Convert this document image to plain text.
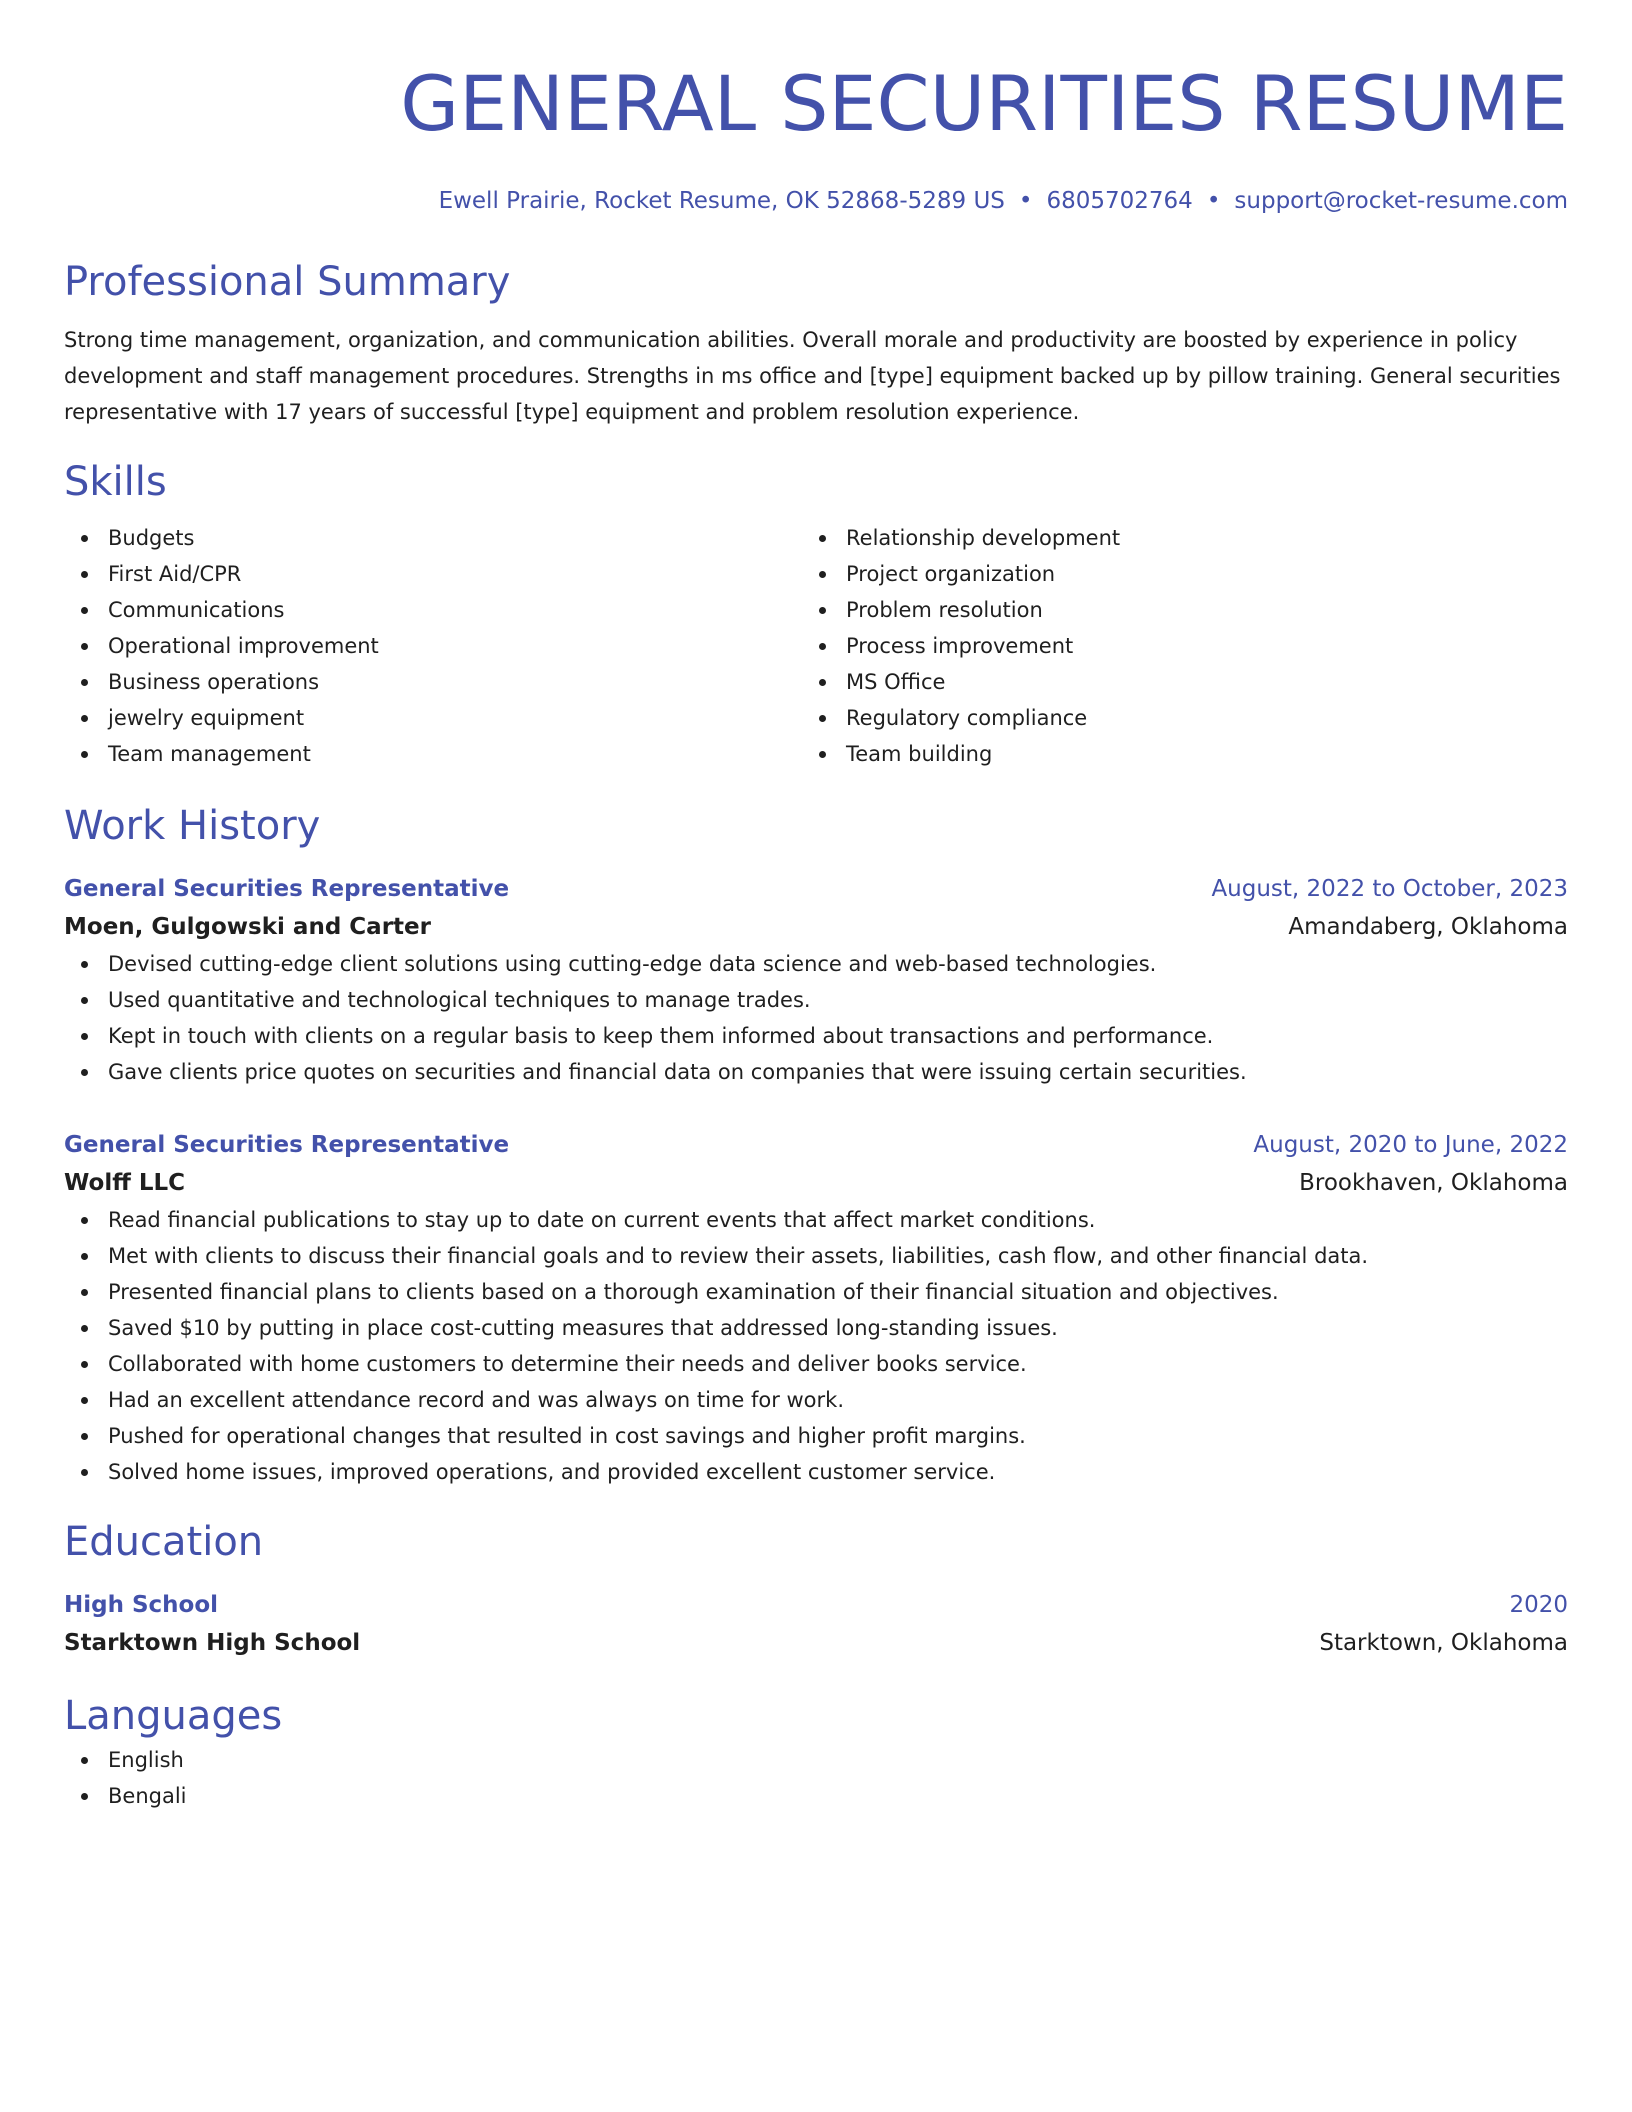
GENERAL SECURITIES RESUME
Ewell Prairie, Rocket Resume, OK 52868-5289 US • 6805702764 • support@rocket-resume.com
Professional Summary

Strong time management, organization, and communication abilities. Overall morale and productivity are boosted by experience in policy development and staff management procedures. Strengths in ms office and [type] equipment backed up by pillow training. General securities representative with 17 years of successful [type] equipment and problem resolution experience.

Skills
Budgets
First Aid/CPR
Communications
Operational improvement
Business operations
jewelry equipment
Team management
Relationship development
Project organization
Problem resolution
Process improvement
MS Office
Regulatory compliance
Team building
Work History
General Securities Representative	August, 2022 to October, 2023
Moen, Gulgowski and Carter	Amandaberg, Oklahoma
Devised cutting-edge client solutions using cutting-edge data science and web-based technologies.
Used quantitative and technological techniques to manage trades.
Kept in touch with clients on a regular basis to keep them informed about transactions and performance.
Gave clients price quotes on securities and financial data on companies that were issuing certain securities.
General Securities Representative	August, 2020 to June, 2022
Wolff LLC	Brookhaven, Oklahoma
Read financial publications to stay up to date on current events that affect market conditions.
Met with clients to discuss their financial goals and to review their assets, liabilities, cash flow, and other financial data.
Presented financial plans to clients based on a thorough examination of their financial situation and objectives.
Saved $10 by putting in place cost-cutting measures that addressed long-standing issues.
Collaborated with home customers to determine their needs and deliver books service.
Had an excellent attendance record and was always on time for work.
Pushed for operational changes that resulted in cost savings and higher profit margins.
Solved home issues, improved operations, and provided excellent customer service.
Education
High School	2020
Starktown High School	Starktown, Oklahoma
Languages
English
Bengali
